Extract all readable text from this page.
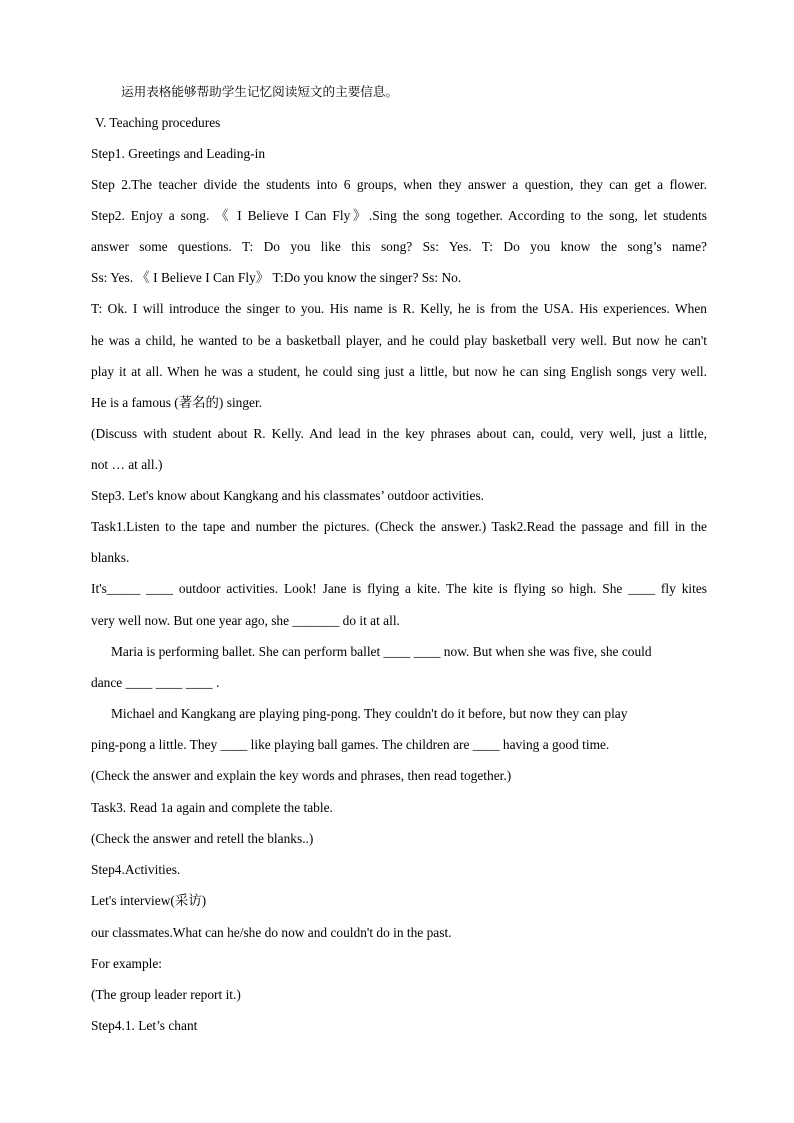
运用表格能够帮助学生记忆阅读短文的主要信息。
V. Teaching procedures
Step1. Greetings and Leading-in
Step 2.The teacher divide the students into 6 groups, when they answer a question, they can get a flower.
Step2. Enjoy a song. 《 I Believe I Can Fly》.Sing the song together. According to the song, let students
answer some questions. T: Do you like this song? Ss: Yes. T: Do you know the song’s name?
Ss: Yes. 《 I Believe I Can Fly》 T:Do you know the singer? Ss: No.
T: Ok. I will introduce the singer to you. His name is R. Kelly, he is from the USA. His experiences. When
he was a child, he wanted to be a basketball player, and he could play basketball very well. But now he can't
play it at all. When he was a student, he could sing just a little, but now he can sing English songs very well.
He is a famous (著名的) singer.
(Discuss with student about R. Kelly. And lead in the key phrases about can, could, very well, just a little,
not … at all.)
Step3. Let's know about Kangkang and his classmates’ outdoor activities.
Task1.Listen to the tape and number the pictures. (Check the answer.) Task2.Read the passage and fill in the
blanks.
It's_____ ____ outdoor activities. Look! Jane is flying a kite. The kite is flying so high. She ____ fly kites
very well now. But one year ago, she _______ do it at all.
Maria is performing ballet. She can perform ballet ____ ____ now. But when she was five, she could
dance ____ ____ ____ .
Michael and Kangkang are playing ping-pong. They couldn't do it before, but now they can play
ping-pong a little. They ____ like playing ball games. The children are ____ having a good time.
(Check the answer and explain the key words and phrases, then read together.)
Task3. Read 1a again and complete the table.
(Check the answer and retell the blanks..)
Step4.Activities.
Let's interview(采访)
our classmates.What can he/she do now and couldn't do in the past.
For example:
(The group leader report it.)
Step4.1. Let’s chant
